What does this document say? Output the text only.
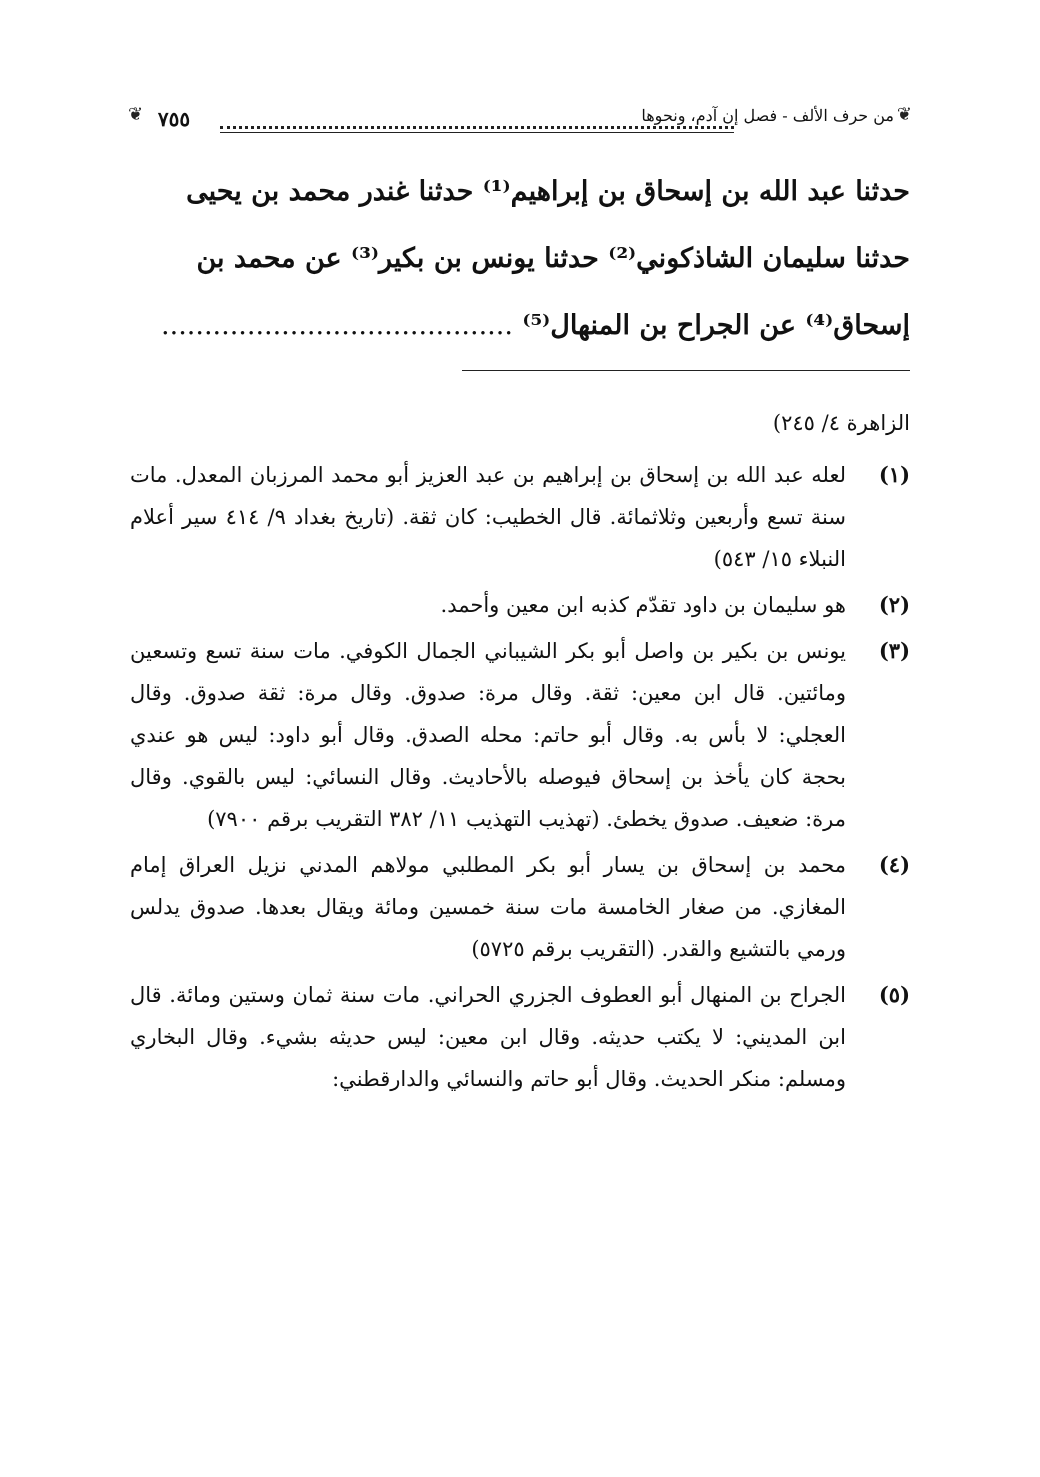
❦ ٧٥٥	من حرف الألف - فصل إن آدم، ونحوها ❦
حدثنا عبد الله بن إسحاق بن إبراهيم⁽¹⁾ حدثنا غندر محمد بن يحيى
حدثنا سليمان الشاذكوني⁽²⁾ حدثنا يونس بن بكير⁽³⁾ عن محمد بن
إسحاق⁽⁴⁾ عن الجراح بن المنهال⁽⁵⁾ .........................................
الزاهرة ٤/ ٢٤٥)
(١)
لعله عبد الله بن إسحاق بن إبراهيم بن عبد العزيز أبو محمد المرزبان المعدل. مات سنة تسع وأربعين وثلاثمائة. قال الخطيب: كان ثقة. (تاريخ بغداد ٩/ ٤١٤ سير أعلام النبلاء ١٥/ ٥٤٣)
(٢)
هو سليمان بن داود تقدّم كذبه ابن معين وأحمد.
(٣)
يونس بن بكير بن واصل أبو بكر الشيباني الجمال الكوفي. مات سنة تسع وتسعين ومائتين. قال ابن معين: ثقة. وقال مرة: صدوق. وقال مرة: ثقة صدوق. وقال العجلي: لا بأس به. وقال أبو حاتم: محله الصدق. وقال أبو داود: ليس هو عندي بحجة كان يأخذ بن إسحاق فيوصله بالأحاديث. وقال النسائي: ليس بالقوي. وقال مرة: ضعيف. صدوق يخطئ. (تهذيب التهذيب ١١/ ٣٨٢ التقريب برقم ٧٩٠٠)
(٤)
محمد بن إسحاق بن يسار أبو بكر المطلبي مولاهم المدني نزيل العراق إمام المغازي. من صغار الخامسة مات سنة خمسين ومائة ويقال بعدها. صدوق يدلس ورمي بالتشيع والقدر. (التقريب برقم ٥٧٢٥)
(٥)
الجراح بن المنهال أبو العطوف الجزري الحراني. مات سنة ثمان وستين ومائة. قال ابن المديني: لا يكتب حديثه. وقال ابن معين: ليس حديثه بشيء. وقال البخاري ومسلم: منكر الحديث. وقال أبو حاتم والنسائي والدارقطني:
